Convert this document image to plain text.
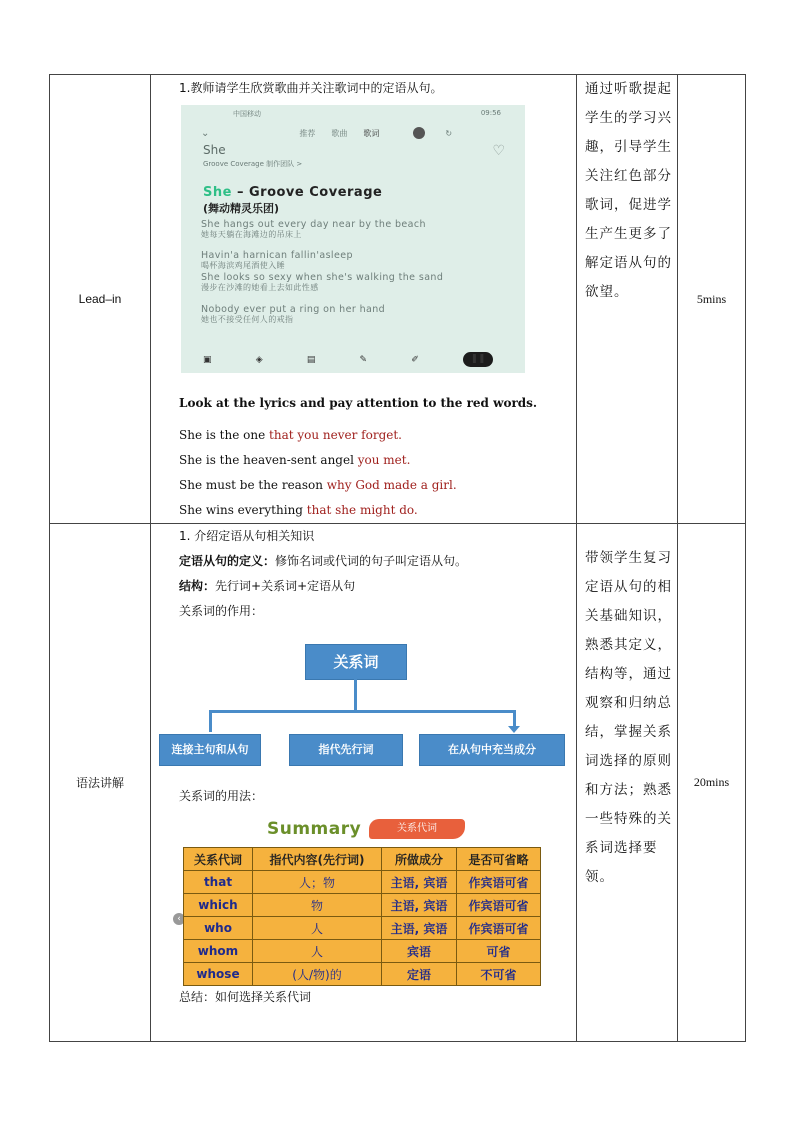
Lead–in	
1.教师请学生欣赏歌曲并关注歌词中的定语从句。
中国移动	09:56
⌄	推荐 歌曲 歌词	↻
She
Groove Coverage 制作团队 >
♡
She – Groove Coverage
(舞动精灵乐团)
She hangs out every day near by the beach
她每天躺在海滩边的吊床上
Havin'a harnican fallin'asleep
喝杯海滨鸡尾酒使入睡
She looks so sexy when she's walking the sand
漫步在沙滩的她看上去如此性感
Nobody ever put a ring on her hand
她也不接受任何人的戒指
▣	◈	▤	✎	✐	❚❚
Look at the lyrics and pay attention to the red words.
She is the one that you never forget.
She is the heaven-sent angel you met.
She must be the reason why God made a girl.
She wins everything that she might do.
	通过听歌提起学生的学习兴趣，引导学生关注红色部分歌词，促进学生产生更多了解定语从句的欲望。	5mins
语法讲解	
1. 介绍定语从句相关知识
定语从句的定义：修饰名词或代词的句子叫定语从句。
结构：先行词+关系词+定语从句
关系词的作用：
关系词
连接主句和从句	指代先行词	在从句中充当成分
关系词的用法：
Summary	关系代词
‹
关系代词	指代内容(先行词)	所做成分	是否可省略
that	人；物	主语, 宾语	作宾语可省
which	物	主语, 宾语	作宾语可省
who	人	主语, 宾语	作宾语可省
whom	人	宾语	可省
whose	(人/物)的	定语	不可省
总结：如何选择关系代词
	带领学生复习定语从句的相关基础知识，熟悉其定义，结构等，通过观察和归纳总结，掌握关系词选择的原则和方法；熟悉一些特殊的关系词选择要领。	20mins
